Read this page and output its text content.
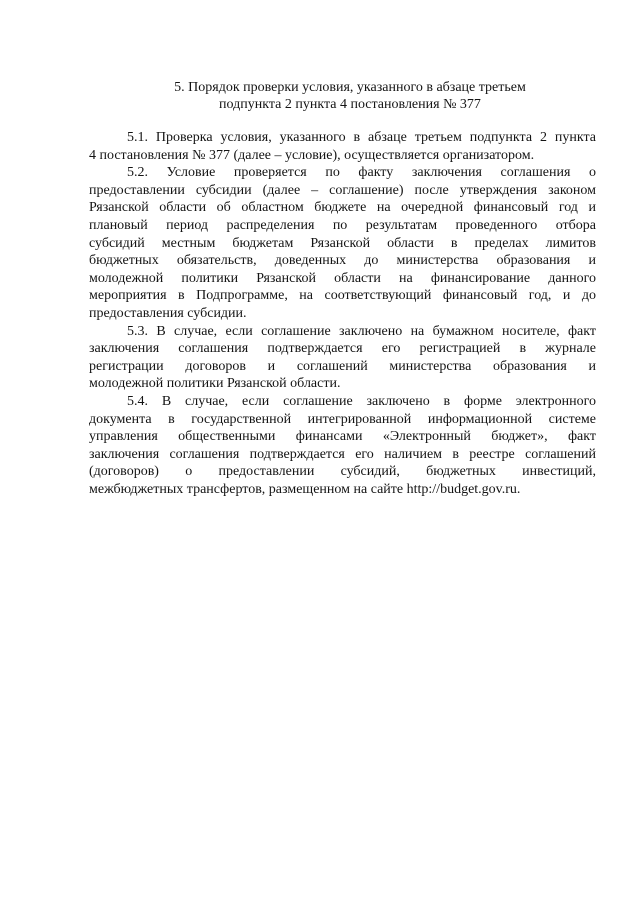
5. Порядок проверки условия, указанного в абзаце третьем
подпункта 2 пункта 4 постановления № 377
5.1. Проверка условия, указанного в абзаце третьем подпункта 2 пункта
4 постановления № 377 (далее – условие), осуществляется организатором.
5.2. Условие проверяется по факту заключения соглашения о
предоставлении субсидии (далее – соглашение) после утверждения законом
Рязанской области об областном бюджете на очередной финансовый год и
плановый период распределения по результатам проведенного отбора
субсидий местным бюджетам Рязанской области в пределах лимитов
бюджетных обязательств, доведенных до министерства образования и
молодежной политики Рязанской области на финансирование данного
мероприятия в Подпрограмме, на соответствующий финансовый год, и до
предоставления субсидии.
5.3. В случае, если соглашение заключено на бумажном носителе, факт
заключения соглашения подтверждается его регистрацией в журнале
регистрации договоров и соглашений министерства образования и
молодежной политики Рязанской области.
5.4. В случае, если соглашение заключено в форме электронного
документа в государственной интегрированной информационной системе
управления общественными финансами «Электронный бюджет», факт
заключения соглашения подтверждается его наличием в реестре соглашений
(договоров) о предоставлении субсидий, бюджетных инвестиций,
межбюджетных трансфертов, размещенном на сайте http://budget.gov.ru.
